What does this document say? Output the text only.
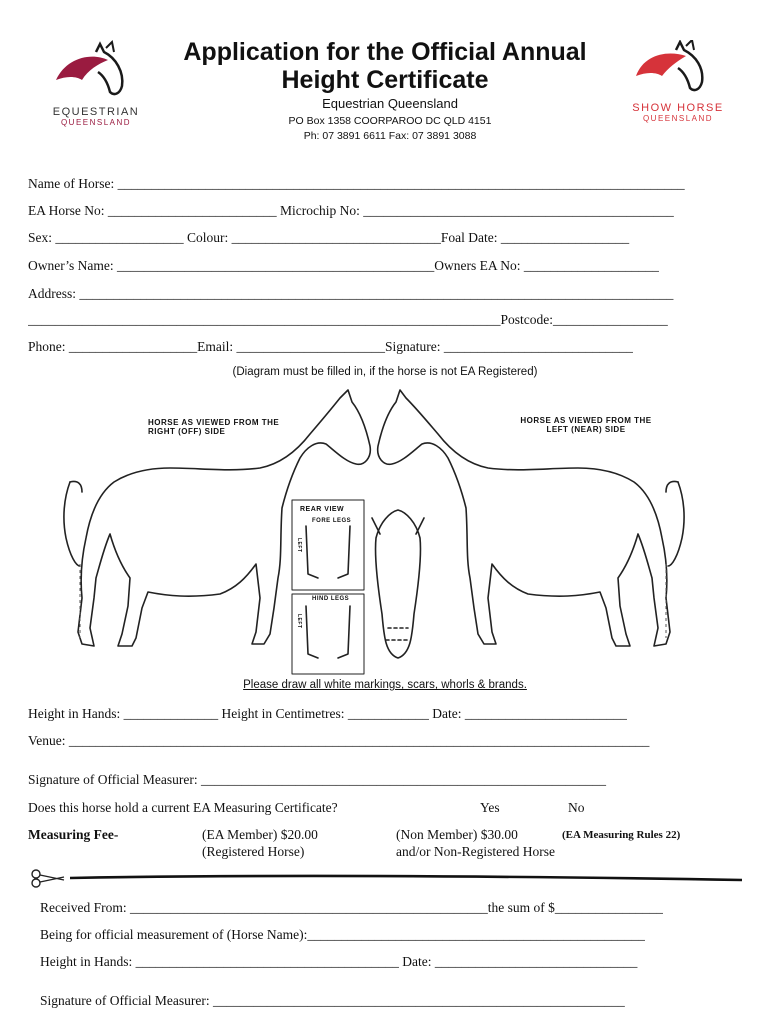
EQUESTRIAN
QUEENSLAND
SHOW HORSE
QUEENSLAND
Application for the Official Annual
Height Certificate
Equestrian Queensland
PO Box 1358 COORPAROO DC QLD 4151
Ph: 07 3891 6611 Fax: 07 3891 3088
Name of Horse: ____________________________________________________________________________________
EA Horse No: _________________________ Microchip No: ______________________________________________
Sex: ___________________ Colour: _______________________________Foal Date: ___________________
Owner’s Name: _______________________________________________Owners EA No: ____________________
Address: ________________________________________________________________________________________
______________________________________________________________________Postcode:_________________
Phone: ___________________Email: ______________________Signature: ____________________________
(Diagram must be filled in, if the horse is not EA Registered)
HORSE AS VIEWED FROM THE
RIGHT (OFF) SIDE
HORSE AS VIEWED FROM THE
LEFT (NEAR) SIDE
REAR VIEW
FORE LEGS
HIND LEGS
LEFT
LEFT
Please draw all white markings, scars, whorls & brands.
Height in Hands: ______________ Height in Centimetres: ____________ Date: ________________________
Venue: ______________________________________________________________________________________
Signature of Official Measurer: ____________________________________________________________
Does this horse hold a current EA Measuring Certificate?	Yes	No
Measuring Fee-	(EA Member) $20.00
(Registered Horse)
(Non Member) $30.00	(EA Measuring Rules 22)
and/or Non-Registered Horse
Received From: _____________________________________________________the sum of $________________
Being for official measurement of (Horse Name):__________________________________________________
Height in Hands: _______________________________________ Date: ______________________________
Signature of Official Measurer: _____________________________________________________________
